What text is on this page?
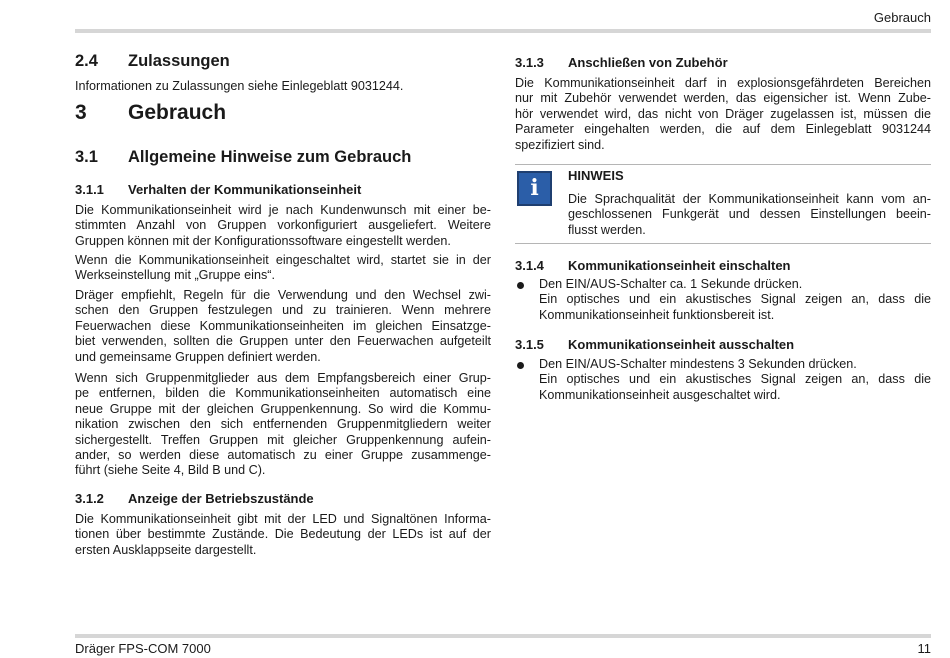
Gebrauch
2.4	Zulassungen
Informationen zu Zulassungen siehe Einlegeblatt 9031244.
3	Gebrauch
3.1	Allgemeine Hinweise zum Gebrauch
3.1.1	Verhalten der Kommunikationseinheit
Die Kommunikationseinheit wird je nach Kundenwunsch mit einer be-
stimmten Anzahl von Gruppen vorkonfiguriert ausgeliefert. Weitere
Gruppen können mit der Konfigurationssoftware eingestellt werden.
Wenn die Kommunikationseinheit eingeschaltet wird, startet sie in der
Werkseinstellung mit „Gruppe eins“.
Dräger empfiehlt, Regeln für die Verwendung und den Wechsel zwi-
schen den Gruppen festzulegen und zu trainieren. Wenn mehrere
Feuerwachen diese Kommunikationseinheiten im gleichen Einsatzge-
biet verwenden, sollten die Gruppen unter den Feuerwachen aufgeteilt
und gemeinsame Gruppen definiert werden.
Wenn sich Gruppenmitglieder aus dem Empfangsbereich einer Grup-
pe entfernen, bilden die Kommunikationseinheiten automatisch eine
neue Gruppe mit der gleichen Gruppenkennung. So wird die Kommu-
nikation zwischen den sich entfernenden Gruppenmitgliedern weiter
sichergestellt. Treffen Gruppen mit gleicher Gruppenkennung aufein-
ander, so werden diese automatisch zu einer Gruppe zusammenge-
führt (siehe Seite 4, Bild B und C).
3.1.2	Anzeige der Betriebszustände
Die Kommunikationseinheit gibt mit der LED und Signaltönen Informa-
tionen über bestimmte Zustände. Die Bedeutung der LEDs ist auf der
ersten Ausklappseite dargestellt.
3.1.3	Anschließen von Zubehör
Die Kommunikationseinheit darf in explosionsgefährdeten Bereichen
nur mit Zubehör verwendet werden, das eigensicher ist. Wenn Zube-
hör verwendet wird, das nicht von Dräger zugelassen ist, müssen die
Parameter eingehalten werden, die auf dem Einlegeblatt 9031244
spezifiziert sind.
i	HINWEIS
Die Sprachqualität der Kommunikationseinheit kann vom an-
geschlossenen Funkgerät und dessen Einstellungen beein-
flusst werden.
3.1.4	Kommunikationseinheit einschalten
Den EIN/AUS-Schalter ca. 1 Sekunde drücken.
Ein optisches und ein akustisches Signal zeigen an, dass die
Kommunikationseinheit funktionsbereit ist.
3.1.5	Kommunikationseinheit ausschalten
Den EIN/AUS-Schalter mindestens 3 Sekunden drücken.
Ein optisches und ein akustisches Signal zeigen an, dass die
Kommunikationseinheit ausgeschaltet wird.
Dräger FPS-COM 7000	11
